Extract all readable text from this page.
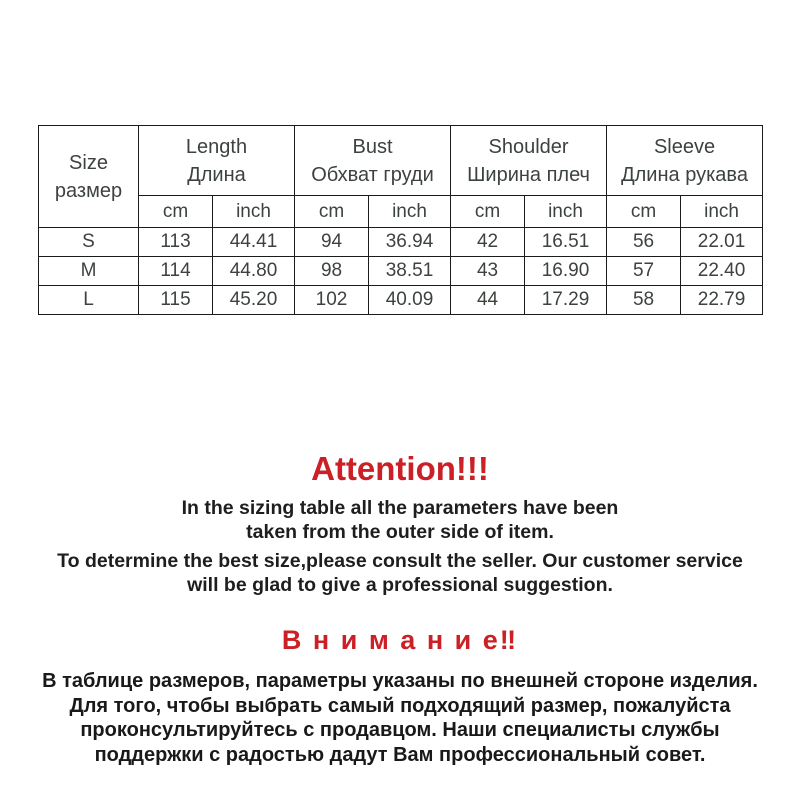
Size
размер

Length
Длина

Bust
Обхват груди

Shoulder
Ширина плеч

Sleeve
Длина рукава

	cm	inch	cm	inch	cm	inch	cm	inch
S	113	44.41	94	36.94	42	16.51	56	22.01
M	114	44.80	98	38.51	43	16.90	57	22.40
L	115	45.20	102	40.09	44	17.29	58	22.79
Attention!!!
In the sizing table all the parameters have been
taken from the outer side of item.
To determine the best size,please consult the seller. Our customer service
will be glad to give a professional suggestion.
В н и м а н и е‼
В таблице размеров, параметры указаны по внешней стороне изделия.
Для того, чтобы выбрать самый подходящий размер, пожалуйста
проконсультируйтесь с продавцом. Наши специалисты службы
поддержки с радостью дадут Вам профессиональный совет.
